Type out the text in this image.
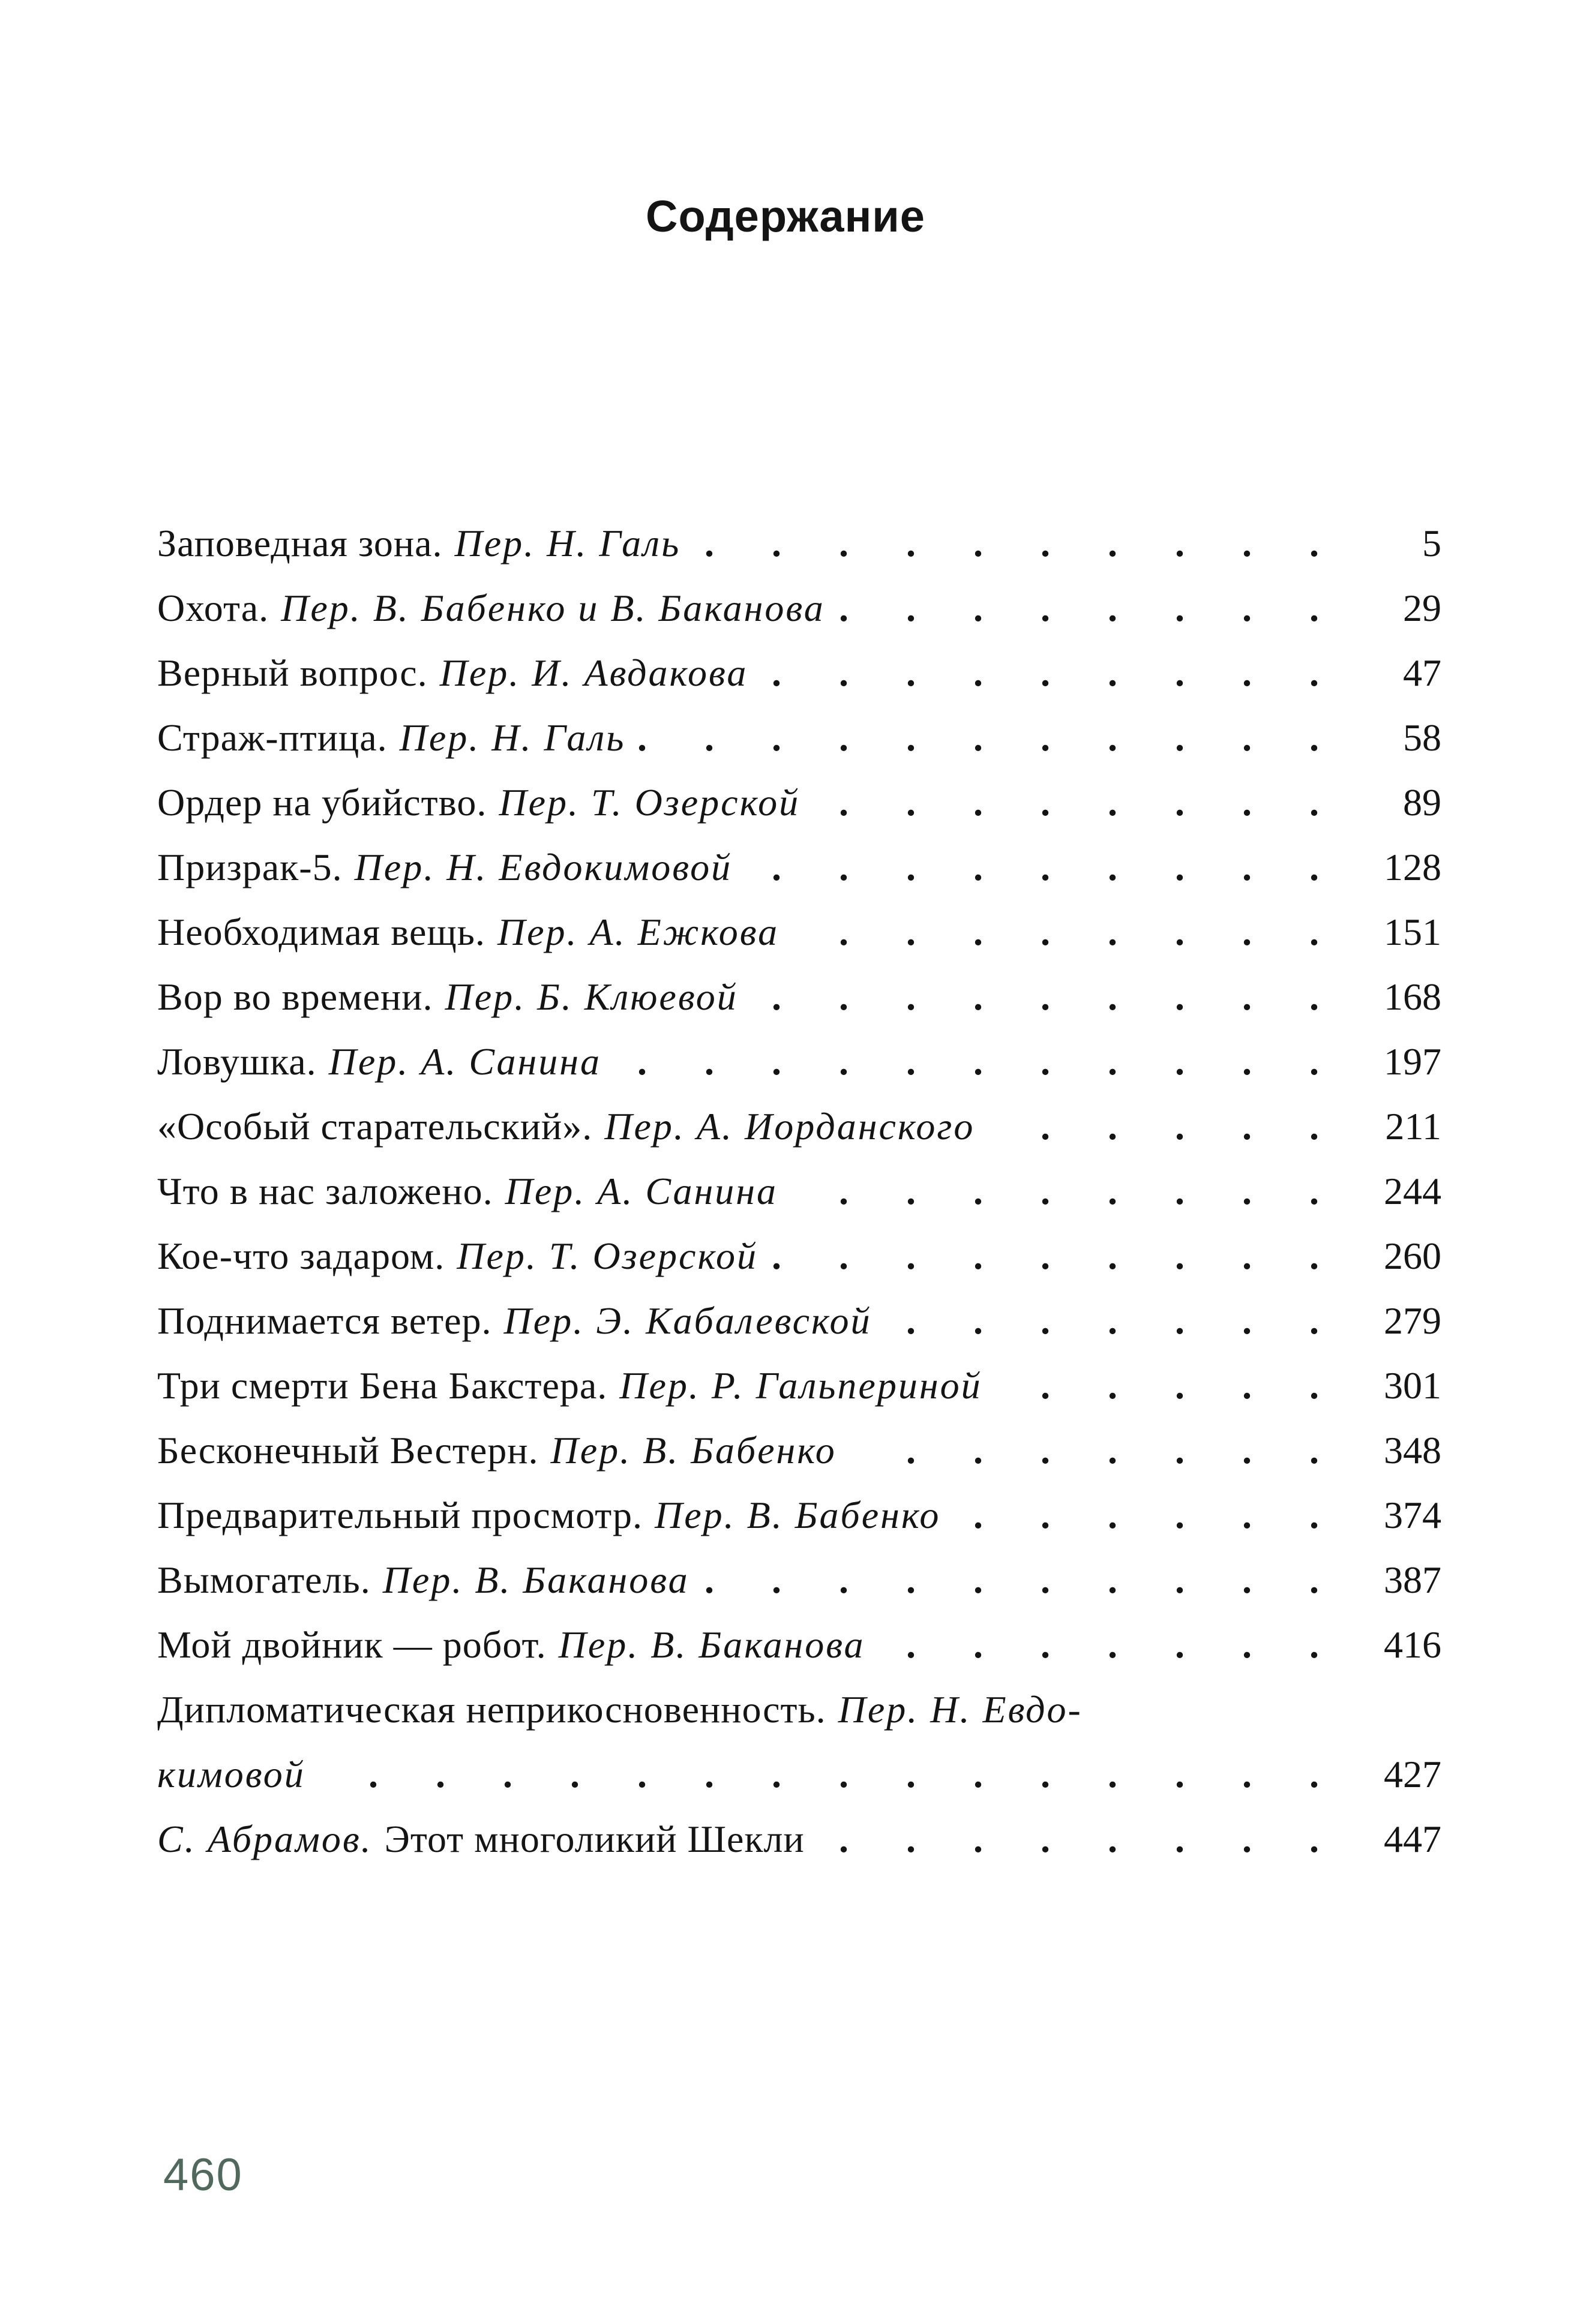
Содержание
Заповедная зона. Пер. Н. Галь . . .	5
Охота. Пер. В. Бабенко и В. Баканова . . .	29
Верный вопрос. Пер. И. Авдакова . . .	47
Страж-птица. Пер. Н. Галь . . .	58
Ордер на убийство. Пер. Т. Озерской . . .	89
Призрак-5. Пер. Н. Евдокимовой . . .	128
Необходимая вещь. Пер. А. Ежкова . . .	151
Вор во времени. Пер. Б. Клюевой . . .	168
Ловушка. Пер. А. Санина . . .	197
«Особый старательский». Пер. А. Иорданского . . .	211
Что в нас заложено. Пер. А. Санина . . .	244
Кое-что задаром. Пер. Т. Озерской . . .	260
Поднимается ветер. Пер. Э. Кабалевской . . .	279
Три смерти Бена Бакстера. Пер. Р. Гальпериной . . .	301
Бесконечный Вестерн. Пер. В. Бабенко . . .	348
Предварительный просмотр. Пер. В. Бабенко . . .	374
Вымогатель. Пер. В. Баканова . . .	387
Мой двойник — робот. Пер. В. Баканова . . .	416
Дипломатическая неприкосновенность. Пер. Н. Евдо-
кимовой . . .	427
С. Абрамов. Этот многоликий Шекли . . .	447
460
